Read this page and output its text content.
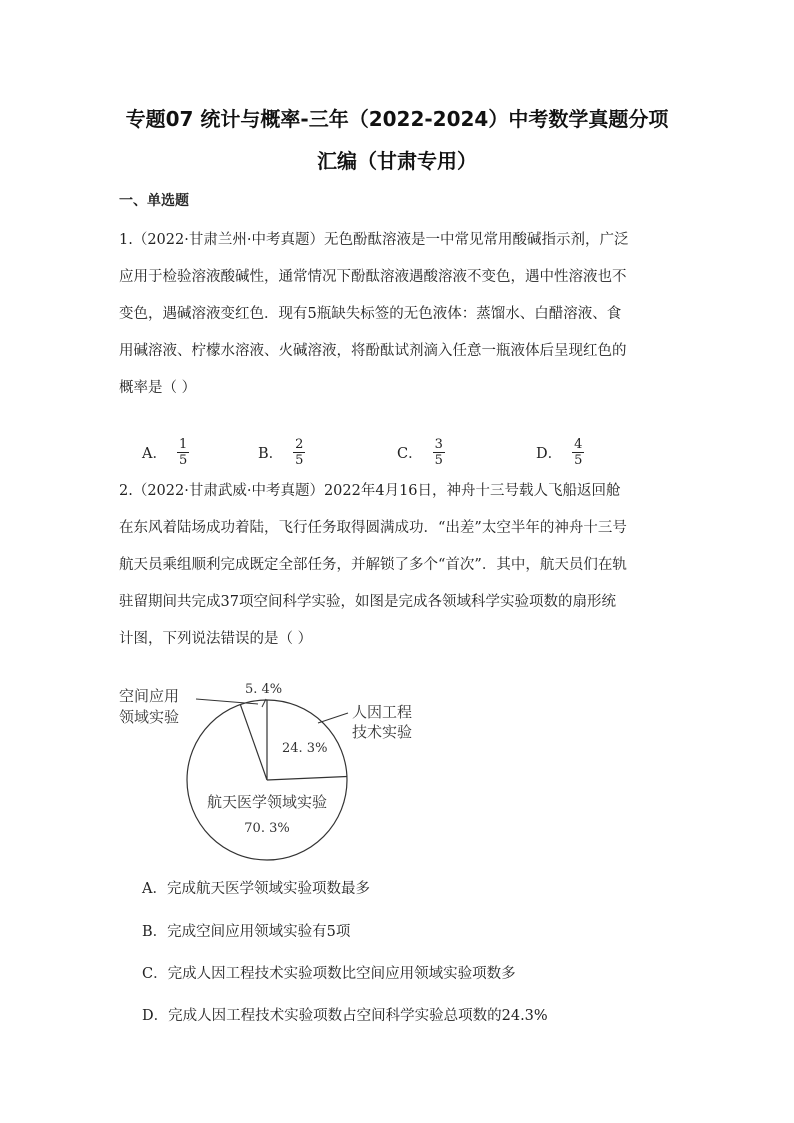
专题07 统计与概率-三年（2022-2024）中考数学真题分项
汇编（甘肃专用）
一、单选题
1.（2022·甘肃兰州·中考真题）无色酚酞溶液是一中常见常用酸碱指示剂，广泛
应用于检验溶液酸碱性，通常情况下酚酞溶液遇酸溶液不变色，遇中性溶液也不
变色，遇碱溶液变红色．现有5瓶缺失标签的无色液体：蒸馏水、白醋溶液、食
用碱溶液、柠檬水溶液、火碱溶液，将酚酞试剂滴入任意一瓶液体后呈现红色的
概率是（ ）
A． $\frac{1}{5}$	B． $\frac{2}{5}$	C． $\frac{3}{5}$	D． $\frac{4}{5}$
2.（2022·甘肃武威·中考真题）2022年4月16日，神舟十三号载人飞船返回舱
在东风着陆场成功着陆，飞行任务取得圆满成功．“出差”太空半年的神舟十三号
航天员乘组顺利完成既定全部任务，并解锁了多个“首次”．其中，航天员们在轨
驻留期间共完成37项空间科学实验，如图是完成各领域科学实验项数的扇形统
计图，下列说法错误的是（ ）
人因工程
技术实验
24. 3%
空间应用
领域实验
5. 4%
航天医学领域实验
70. 3%
A．完成航天医学领域实验项数最多
B．完成空间应用领域实验有5项
C．完成人因工程技术实验项数比空间应用领域实验项数多
D．完成人因工程技术实验项数占空间科学实验总项数的24.3%
